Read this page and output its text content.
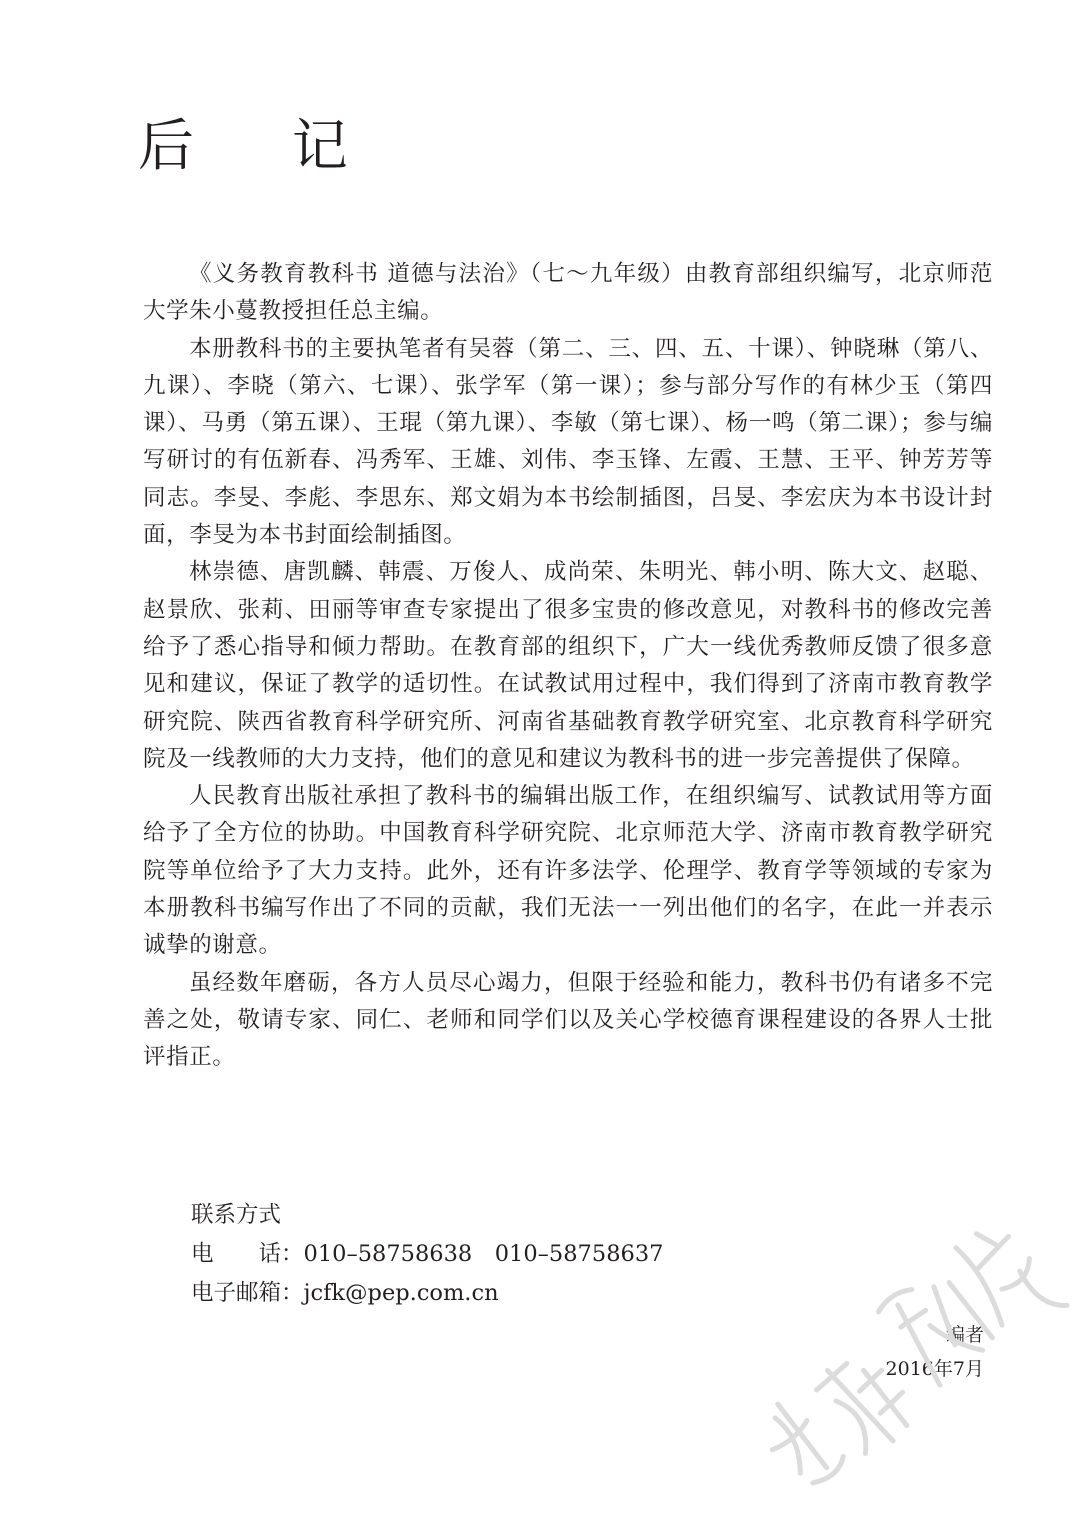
后 记

《义务教育教科书 道德与法治》（七～九年级）由教育部组织编写，北京师范大学朱小蔓教授担任总主编。

本册教科书的主要执笔者有吴蓉（第二、三、四、五、十课）、钟晓琳（第八、九课）、李晓（第六、七课）、张学军（第一课）；参与部分写作的有林少玉（第四课）、马勇（第五课）、王琨（第九课）、李敏（第七课）、杨一鸣（第二课）；参与编写研讨的有伍新春、冯秀军、王雄、刘伟、李玉锋、左霞、王慧、王平、钟芳芳等同志。李旻、李彪、李思东、郑文娟为本书绘制插图，吕旻、李宏庆为本书设计封面，李旻为本书封面绘制插图。

林崇德、唐凯麟、韩震、万俊人、成尚荣、朱明光、韩小明、陈大文、赵聪、赵景欣、张莉、田丽等审查专家提出了很多宝贵的修改意见，对教科书的修改完善给予了悉心指导和倾力帮助。在教育部的组织下，广大一线优秀教师反馈了很多意见和建议，保证了教学的适切性。在试教试用过程中，我们得到了济南市教育教学研究院、陕西省教育科学研究所、河南省基础教育教学研究室、北京教育科学研究院及一线教师的大力支持，他们的意见和建议为教科书的进一步完善提供了保障。

人民教育出版社承担了教科书的编辑出版工作，在组织编写、试教试用等方面给予了全方位的协助。中国教育科学研究院、北京师范大学、济南市教育教学研究院等单位给予了大力支持。此外，还有许多法学、伦理学、教育学等领域的专家为本册教科书编写作出了不同的贡献，我们无法一一列出他们的名字，在此一并表示诚挚的谢意。

虽经数年磨砺，各方人员尽心竭力，但限于经验和能力，教科书仍有诸多不完善之处，敬请专家、同仁、老师和同学们以及关心学校德育课程建设的各界人士批评指正。

联系方式
电　　话：010–58758638　010–58758637
电子邮箱：jcfk@pep.com.cn
编者
2016年7月
